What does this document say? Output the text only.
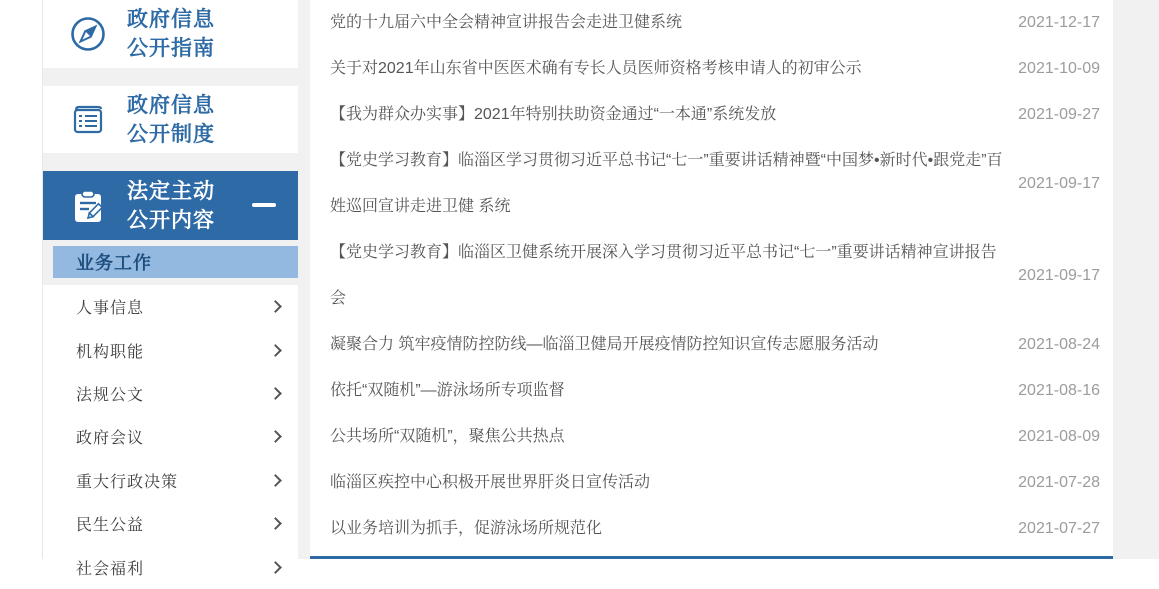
政府信息
公开指南
政府信息
公开制度
法定主动
公开内容
业务工作
人事信息
机构职能
法规公文
政府会议
重大行政决策
民生公益
社会福利
党的十九届六中全会精神宣讲报告会走进卫健系统	2021-12-17
关于对2021年山东省中医医术确有专长人员医师资格考核申请人的初审公示	2021-10-09
【我为群众办实事】2021年特别扶助资金通过“一本通”系统发放	2021-09-27
【党史学习教育】临淄区学习贯彻习近平总书记“七一”重要讲话精神暨“中国梦•新时代•跟党走”百姓巡回宣讲走进卫健 系统
2021-09-17
【党史学习教育】临淄区卫健系统开展深入学习贯彻习近平总书记“七一”重要讲话精神宣讲报告会
2021-09-17
凝聚合力 筑牢疫情防控防线—临淄卫健局开展疫情防控知识宣传志愿服务活动	2021-08-24
依托“双随机”—游泳场所专项监督	2021-08-16
公共场所“双随机”，聚焦公共热点	2021-08-09
临淄区疾控中心积极开展世界肝炎日宣传活动	2021-07-28
以业务培训为抓手，促游泳场所规范化	2021-07-27
